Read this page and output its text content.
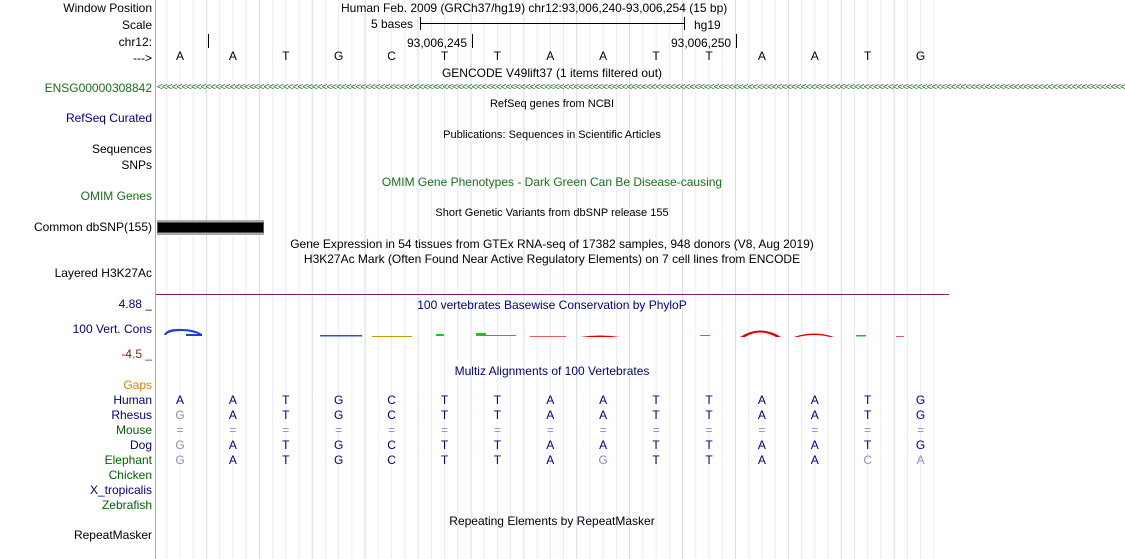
Window Position	Human Feb. 2009 (GRCh37/hg19) chr12:93,006,240-93,006,254 (15 bp)
Scale	5 bases	hg19
chr12:	93,006,245	93,006,250
--->	A	A	T	G	C	T	T	A	A	T	T	A	A	T	G
GENCODE V49lift37 (1 items filtered out)
ENSG00000308842 <<<<<<<<<<<<<<<<<<<<<<<<<<<<<<<<<<<<<<<<<<<<<<<<<<<<<<<<<<<<<<<<<<<<<<<<<<<<<<<<<<<<<<<<<<<<<<<<<<<<<<<<<<<<<<<<<<<<<<<<<<<<<<<<<<<<<<<<<<<<<<<<<<<<<<<<<<<<<<<<<<<<<<<<<<<<<<<<<<<<<<<<<<<<<<<<<<<<<<<<
RefSeq genes from NCBI
RefSeq Curated
Publications: Sequences in Scientific Articles
Sequences
SNPs
OMIM Gene Phenotypes - Dark Green Can Be Disease-causing
OMIM Genes
Short Genetic Variants from dbSNP release 155
Common dbSNP(155)
Gene Expression in 54 tissues from GTEx RNA-seq of 17382 samples, 948 donors (V8, Aug 2019)
H3K27Ac Mark (Often Found Near Active Regulatory Elements) on 7 cell lines from ENCODE
Layered H3K27Ac
100 vertebrates Basewise Conservation by PhyloP
4.88 _
100 Vert. Cons
-4.5 _
Multiz Alignments of 100 Vertebrates
Gaps
Human	A	A	T	G	C	T	T	A	A	T	T	A	A	T	G
Rhesus	G	A	T	G	C	T	T	A	A	T	T	A	A	T	G
Mouse	=	=	=	=	=	=	=	=	=	=	=	=	=	=	=
Dog	G	A	T	G	C	T	T	A	A	T	T	A	A	T	G
Elephant	G	A	T	G	C	T	T	A	G	T	T	A	A	C	A
Chicken
X_tropicalis
Zebrafish
Repeating Elements by RepeatMasker
RepeatMasker
